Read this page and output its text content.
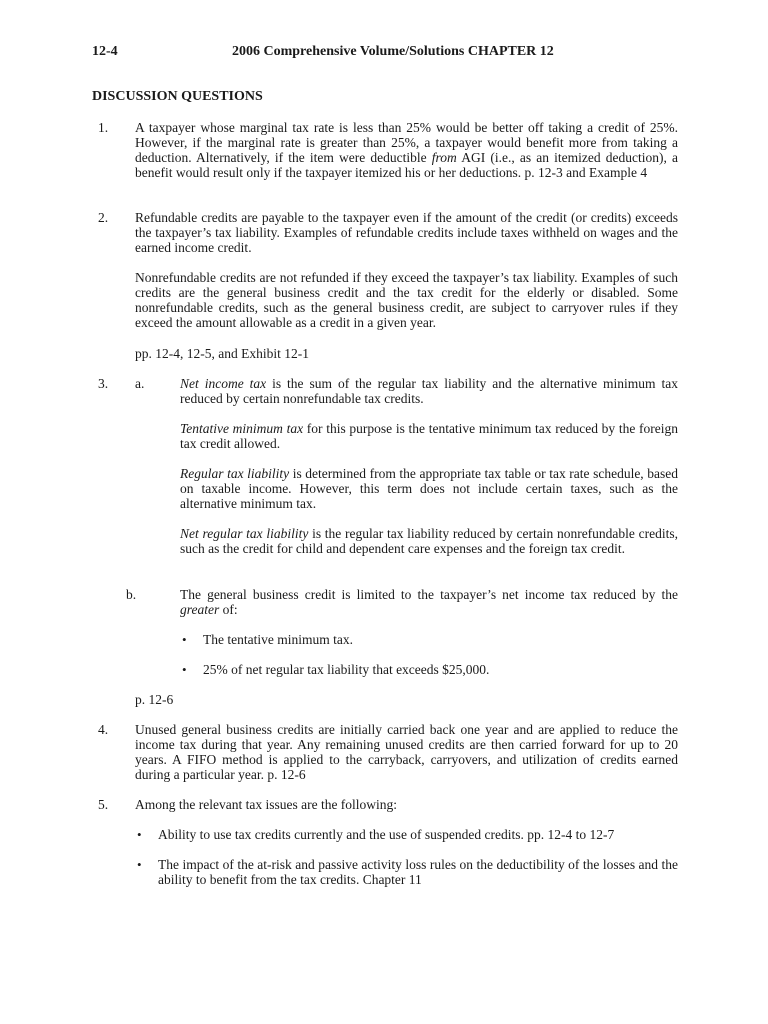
12-4	2006 Comprehensive Volume/Solutions CHAPTER 12
DISCUSSION QUESTIONS
1. A taxpayer whose marginal tax rate is less than 25% would be better off taking a credit of 25%. However, if the marginal rate is greater than 25%, a taxpayer would benefit more from taking a deduction. Alternatively, if the item were deductible from AGI (i.e., as an itemized deduction), a benefit would result only if the taxpayer itemized his or her deductions. p. 12-3 and Example 4
2. Refundable credits are payable to the taxpayer even if the amount of the credit (or credits) exceeds the taxpayer’s tax liability. Examples of refundable credits include taxes withheld on wages and the earned income credit.
Nonrefundable credits are not refunded if they exceed the taxpayer’s tax liability. Examples of such credits are the general business credit and the tax credit for the elderly or disabled. Some nonrefundable credits, such as the general business credit, are subject to carryover rules if they exceed the amount allowable as a credit in a given year.
pp. 12-4, 12-5, and Exhibit 12-1
3. a.	Net income tax is the sum of the regular tax liability and the alternative minimum tax reduced by certain nonrefundable tax credits.
Tentative minimum tax for this purpose is the tentative minimum tax reduced by the foreign tax credit allowed.
Regular tax liability is determined from the appropriate tax table or tax rate schedule, based on taxable income. However, this term does not include certain taxes, such as the alternative minimum tax.
Net regular tax liability is the regular tax liability reduced by certain nonrefundable credits, such as the credit for child and dependent care expenses and the foreign tax credit.
b.	The general business credit is limited to the taxpayer’s net income tax reduced by the greater of:
• The tentative minimum tax.
• 25% of net regular tax liability that exceeds $25,000.
p. 12-6
4. Unused general business credits are initially carried back one year and are applied to reduce the income tax during that year. Any remaining unused credits are then carried forward for up to 20 years. A FIFO method is applied to the carryback, carryovers, and utilization of credits earned during a particular year. p. 12-6
5. Among the relevant tax issues are the following:
• Ability to use tax credits currently and the use of suspended credits. pp. 12-4 to 12-7
• The impact of the at-risk and passive activity loss rules on the deductibility of the losses and the ability to benefit from the tax credits. Chapter 11
